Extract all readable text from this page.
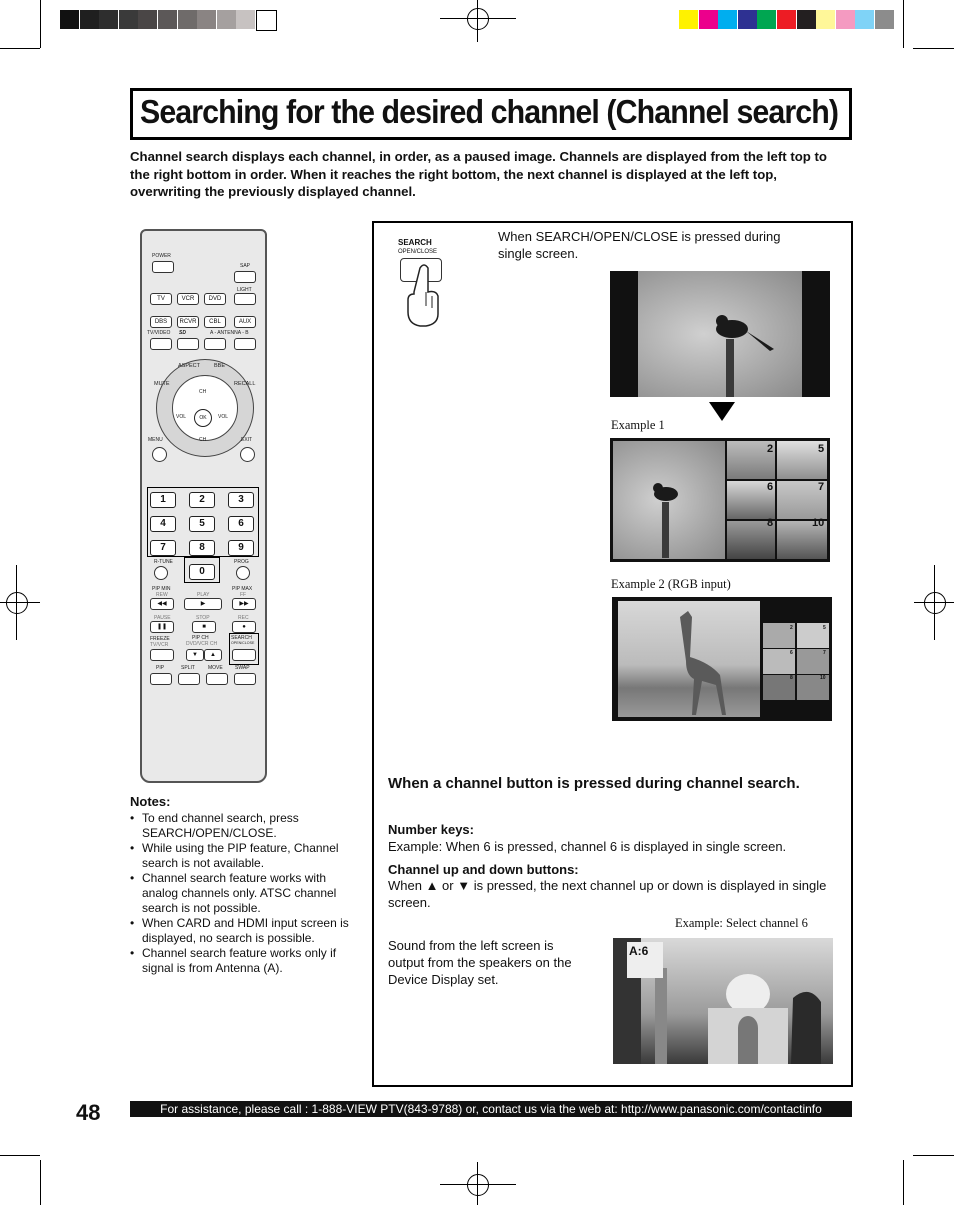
Searching for the desired channel (Channel search)
Channel search displays each channel, in order, as a paused image. Channels are displayed from the left top to the right bottom in order. When it reaches the right bottom, the next channel is displayed at the left top, overwriting the previously displayed channel.
POWER
SAP
LIGHT
TV	VCR	DVD
DBS	RCVR	CBL	AUX
TV/VIDEO SD	A - ANTENNA - B
OK
ASPECT	BBE
MUTE	RECALL
CH
CH
VOL	VOL
MENU	EXIT
1	2	3
4	5	6
7	8	9
0
R-TUNE	PROG
PIP MIN	PIP MAX
REW	PLAY	FF
◀◀	▶	▶▶
PAUSE	STOP	REC
❚❚	■	●
FREEZE
TV/VCR
PIP CH
DVD/VCR CH
SEARCH
OPEN/CLOSE
▼	▲
PIP	SPLIT	MOVE SWAP
Notes:
• To end channel search, press SEARCH/OPEN/CLOSE.
• While using the PIP feature, Channel search is not available.
• Channel search feature works with analog channels only. ATSC channel search is not possible.
• When CARD and HDMI input screen is displayed, no search is possible.
• Channel search feature works only if signal is from Antenna (A).
SEARCH
OPEN/CLOSE
When SEARCH/OPEN/CLOSE is pressed during single screen.
Example 1
2	5
6	7
8	10
Example 2 (RGB input)
2	5
6	7
8	10
When a channel button is pressed during channel search.
Number keys:
Example: When 6 is pressed, channel 6 is displayed in single screen.
Channel up and down buttons:
When ▲ or ▼ is pressed, the next channel up or down is displayed in single screen.
Example: Select channel 6
Sound from the left screen is output from the speakers on the Device Display set.
A:6
48	For assistance, please call : 1-888-VIEW PTV(843-9788) or, contact us via the web at: http://www.panasonic.com/contactinfo
